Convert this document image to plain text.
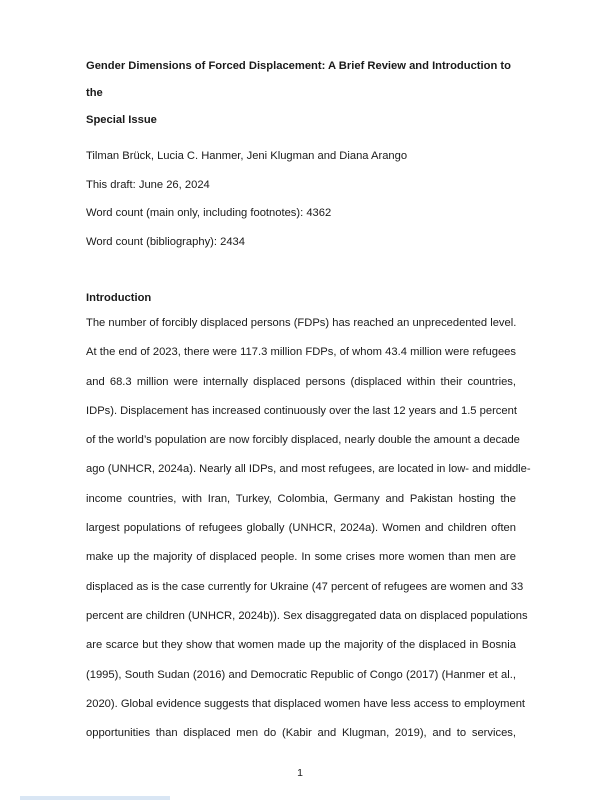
Gender Dimensions of Forced Displacement: A Brief Review and Introduction to the
Special Issue
Tilman Brück, Lucia C. Hanmer, Jeni Klugman and Diana Arango
This draft: June 26, 2024
Word count (main only, including footnotes): 4362
Word count (bibliography): 2434
Introduction
The number of forcibly displaced persons (FDPs) has reached an unprecedented level.
At the end of 2023, there were 117.3 million FDPs, of whom 43.4 million were refugees
and 68.3 million were internally displaced persons (displaced within their countries,
IDPs). Displacement has increased continuously over the last 12 years and 1.5 percent
of the world’s population are now forcibly displaced, nearly double the amount a decade
ago (UNHCR, 2024a). Nearly all IDPs, and most refugees, are located in low- and middle-
income countries, with Iran, Turkey, Colombia, Germany and Pakistan hosting the
largest populations of refugees globally (UNHCR, 2024a). Women and children often
make up the majority of displaced people. In some crises more women than men are
displaced as is the case currently for Ukraine (47 percent of refugees are women and 33
percent are children (UNHCR, 2024b)). Sex disaggregated data on displaced populations
are scarce but they show that women made up the majority of the displaced in Bosnia
(1995), South Sudan (2016) and Democratic Republic of Congo (2017) (Hanmer et al.,
2020). Global evidence suggests that displaced women have less access to employment
opportunities than displaced men do (Kabir and Klugman, 2019), and to services,
1
